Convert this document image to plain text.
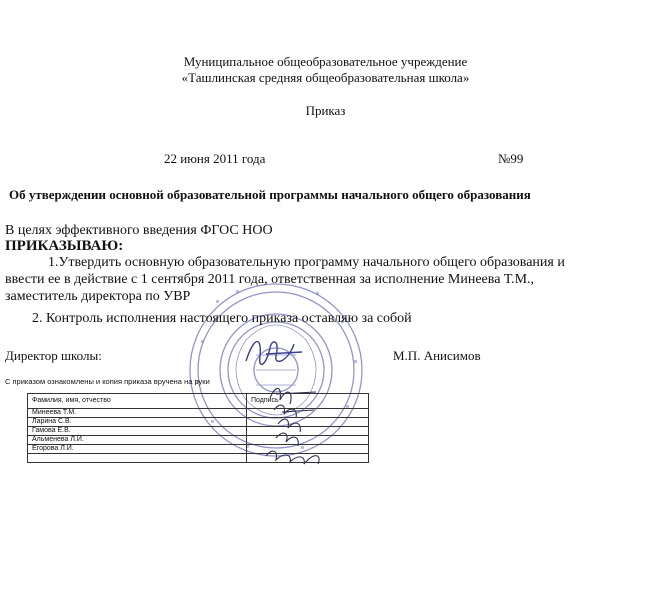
Муниципальное общеобразовательное учреждение
«Ташлинская средняя общеобразовательная школа»
Приказ
22 июня 2011 года	№99
Об утверждении основной образовательной программы начального общего образования
В целях эффективного введения ФГОС НОО
ПРИКАЗЫВАЮ:
1.Утвердить основную образовательную программу начального общего образования и
ввести ее в действие с 1 сентября 2011 года, ответственная за исполнение Минеева Т.М.,
заместитель директора по УВР
2. Контроль исполнения настоящего приказа оставляю за собой
Директор школы:	М.П. Анисимов
С приказом ознакомлены и копия приказа вручена на руки
Фамилия, имя, отчество	Подпись
Минеева Т.М.	
Ларина С.В.	
Гамова Е.В.	
Альменева Л.И.	
Егорова Л.И.	
